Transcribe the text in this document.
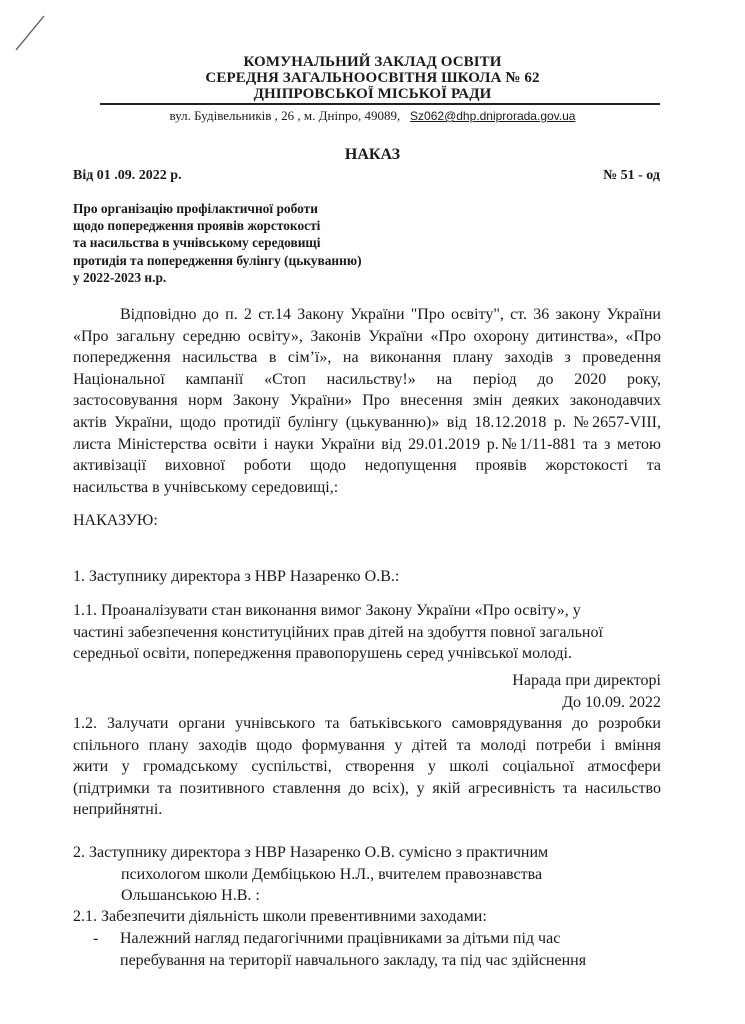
КОМУНАЛЬНИЙ ЗАКЛАД ОСВІТИ
СЕРЕДНЯ ЗАГАЛЬНООСВІТНЯ ШКОЛА № 62
ДНІПРОВСЬКОЇ МІСЬКОЇ РАДИ
вул. Будівельників , 26 , м. Дніпро, 49089, Sz062@dhp.dniprorada.gov.ua
НАКАЗ
Від 01 .09. 2022 р.	№ 51 - од
Про організацію профілактичної роботи
щодо попередження проявів жорстокості
та насильства в учнівському середовищі
протидія та попередження булінгу (цькуванню)
у 2022-2023 н.р.
Відповідно до п. 2 ст.14 Закону України "Про освіту", ст. 36 закону України
«Про загальну середню освіту», Законів України «Про охорону дитинства», «Про
попередження насильства в сім’ї», на виконання плану заходів з проведення
Національної кампанії «Стоп насильству!» на період до 2020 року,
застосовування норм Закону України» Про внесення змін деяких законодавчих
актів України, щодо протидії булінгу (цькуванню)» від 18.12.2018 р. №2657-VIII,
листа Міністерства освіти і науки України від 29.01.2019 р.№1/11-881 та з метою
активізації виховної роботи щодо недопущення проявів жорстокості та
насильства в учнівському середовищі,:
НАКАЗУЮ:
1. Заступнику директора з НВР Назаренко О.В.:
1.1. Проаналізувати стан виконання вимог Закону України «Про освіту», у
частині забезпечення конституційних прав дітей на здобуття повної загальної
середньої освіти, попередження правопорушень серед учнівської молоді.
Нарада при директорі
До 10.09. 2022
1.2. Залучати органи учнівського та батьківського самоврядування до розробки
спільного плану заходів щодо формування у дітей та молоді потреби і вміння
жити у громадському суспільстві, створення у школі соціальної атмосфери
(підтримки та позитивного ставлення до всіх), у якій агресивність та насильство
неприйнятні.
2. Заступнику директора з НВР Назаренко О.В. сумісно з практичним
психологом школи Дембіцькою Н.Л., вчителем правознавства
Ольшанською Н.В. :
2.1. Забезпечити діяльність школи превентивними заходами:
-	Належний нагляд педагогічними працівниками за дітьми під час
перебування на території навчального закладу, та під час здійснення
